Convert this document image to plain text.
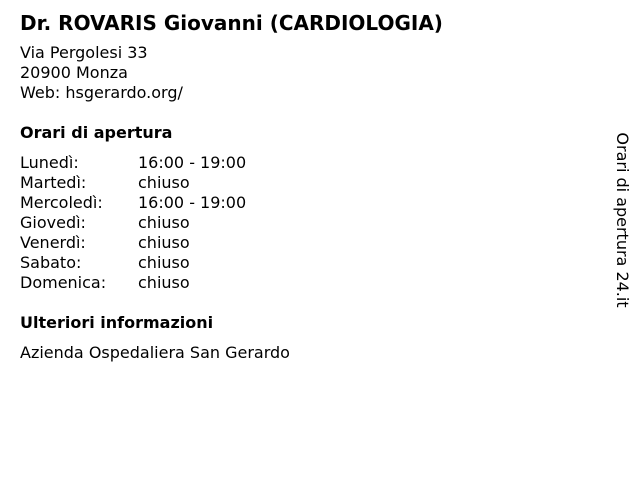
Dr. ROVARIS Giovanni (CARDIOLOGIA)
Via Pergolesi 33
20900 Monza
Web: hsgerardo.org/
Orari di apertura
Lunedì:	16:00 - 19:00
Martedì:	chiuso
Mercoledì:	16:00 - 19:00
Giovedì:	chiuso
Venerdì:	chiuso
Sabato:	chiuso
Domenica:	chiuso
Ulteriori informazioni
Azienda Ospedaliera San Gerardo
Orari di apertura 24.it
